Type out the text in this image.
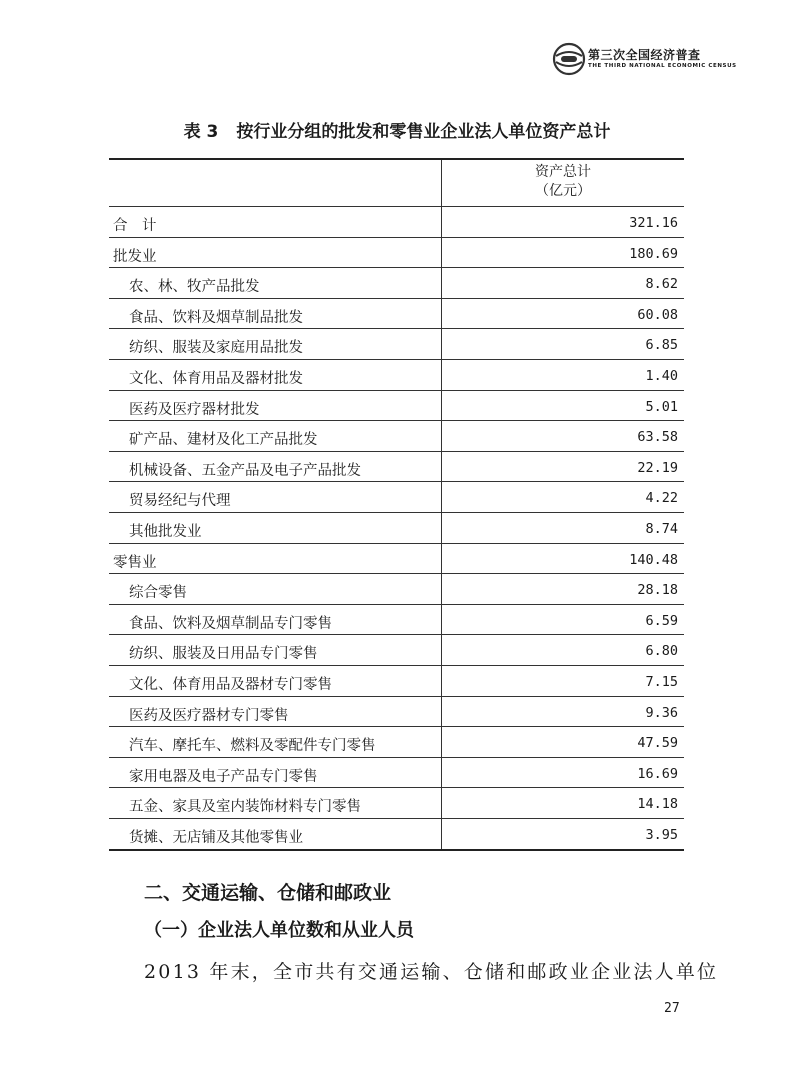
第三次全国经济普查
THE THIRD NATIONAL ECONOMIC CENSUS
表 3 按行业分组的批发和零售业企业法人单位资产总计
资产总计
（亿元）
合　计	321.16
批发业	180.69
农、林、牧产品批发	8.62
食品、饮料及烟草制品批发	60.08
纺织、服装及家庭用品批发	6.85
文化、体育用品及器材批发	1.40
医药及医疗器材批发	5.01
矿产品、建材及化工产品批发	63.58
机械设备、五金产品及电子产品批发	22.19
贸易经纪与代理	4.22
其他批发业	8.74
零售业	140.48
综合零售	28.18
食品、饮料及烟草制品专门零售	6.59
纺织、服装及日用品专门零售	6.80
文化、体育用品及器材专门零售	7.15
医药及医疗器材专门零售	9.36
汽车、摩托车、燃料及零配件专门零售	47.59
家用电器及电子产品专门零售	16.69
五金、家具及室内装饰材料专门零售	14.18
货摊、无店铺及其他零售业	3.95
二、交通运输、仓储和邮政业
（一）企业法人单位数和从业人员
2013 年末，全市共有交通运输、仓储和邮政业企业法人单位
27
